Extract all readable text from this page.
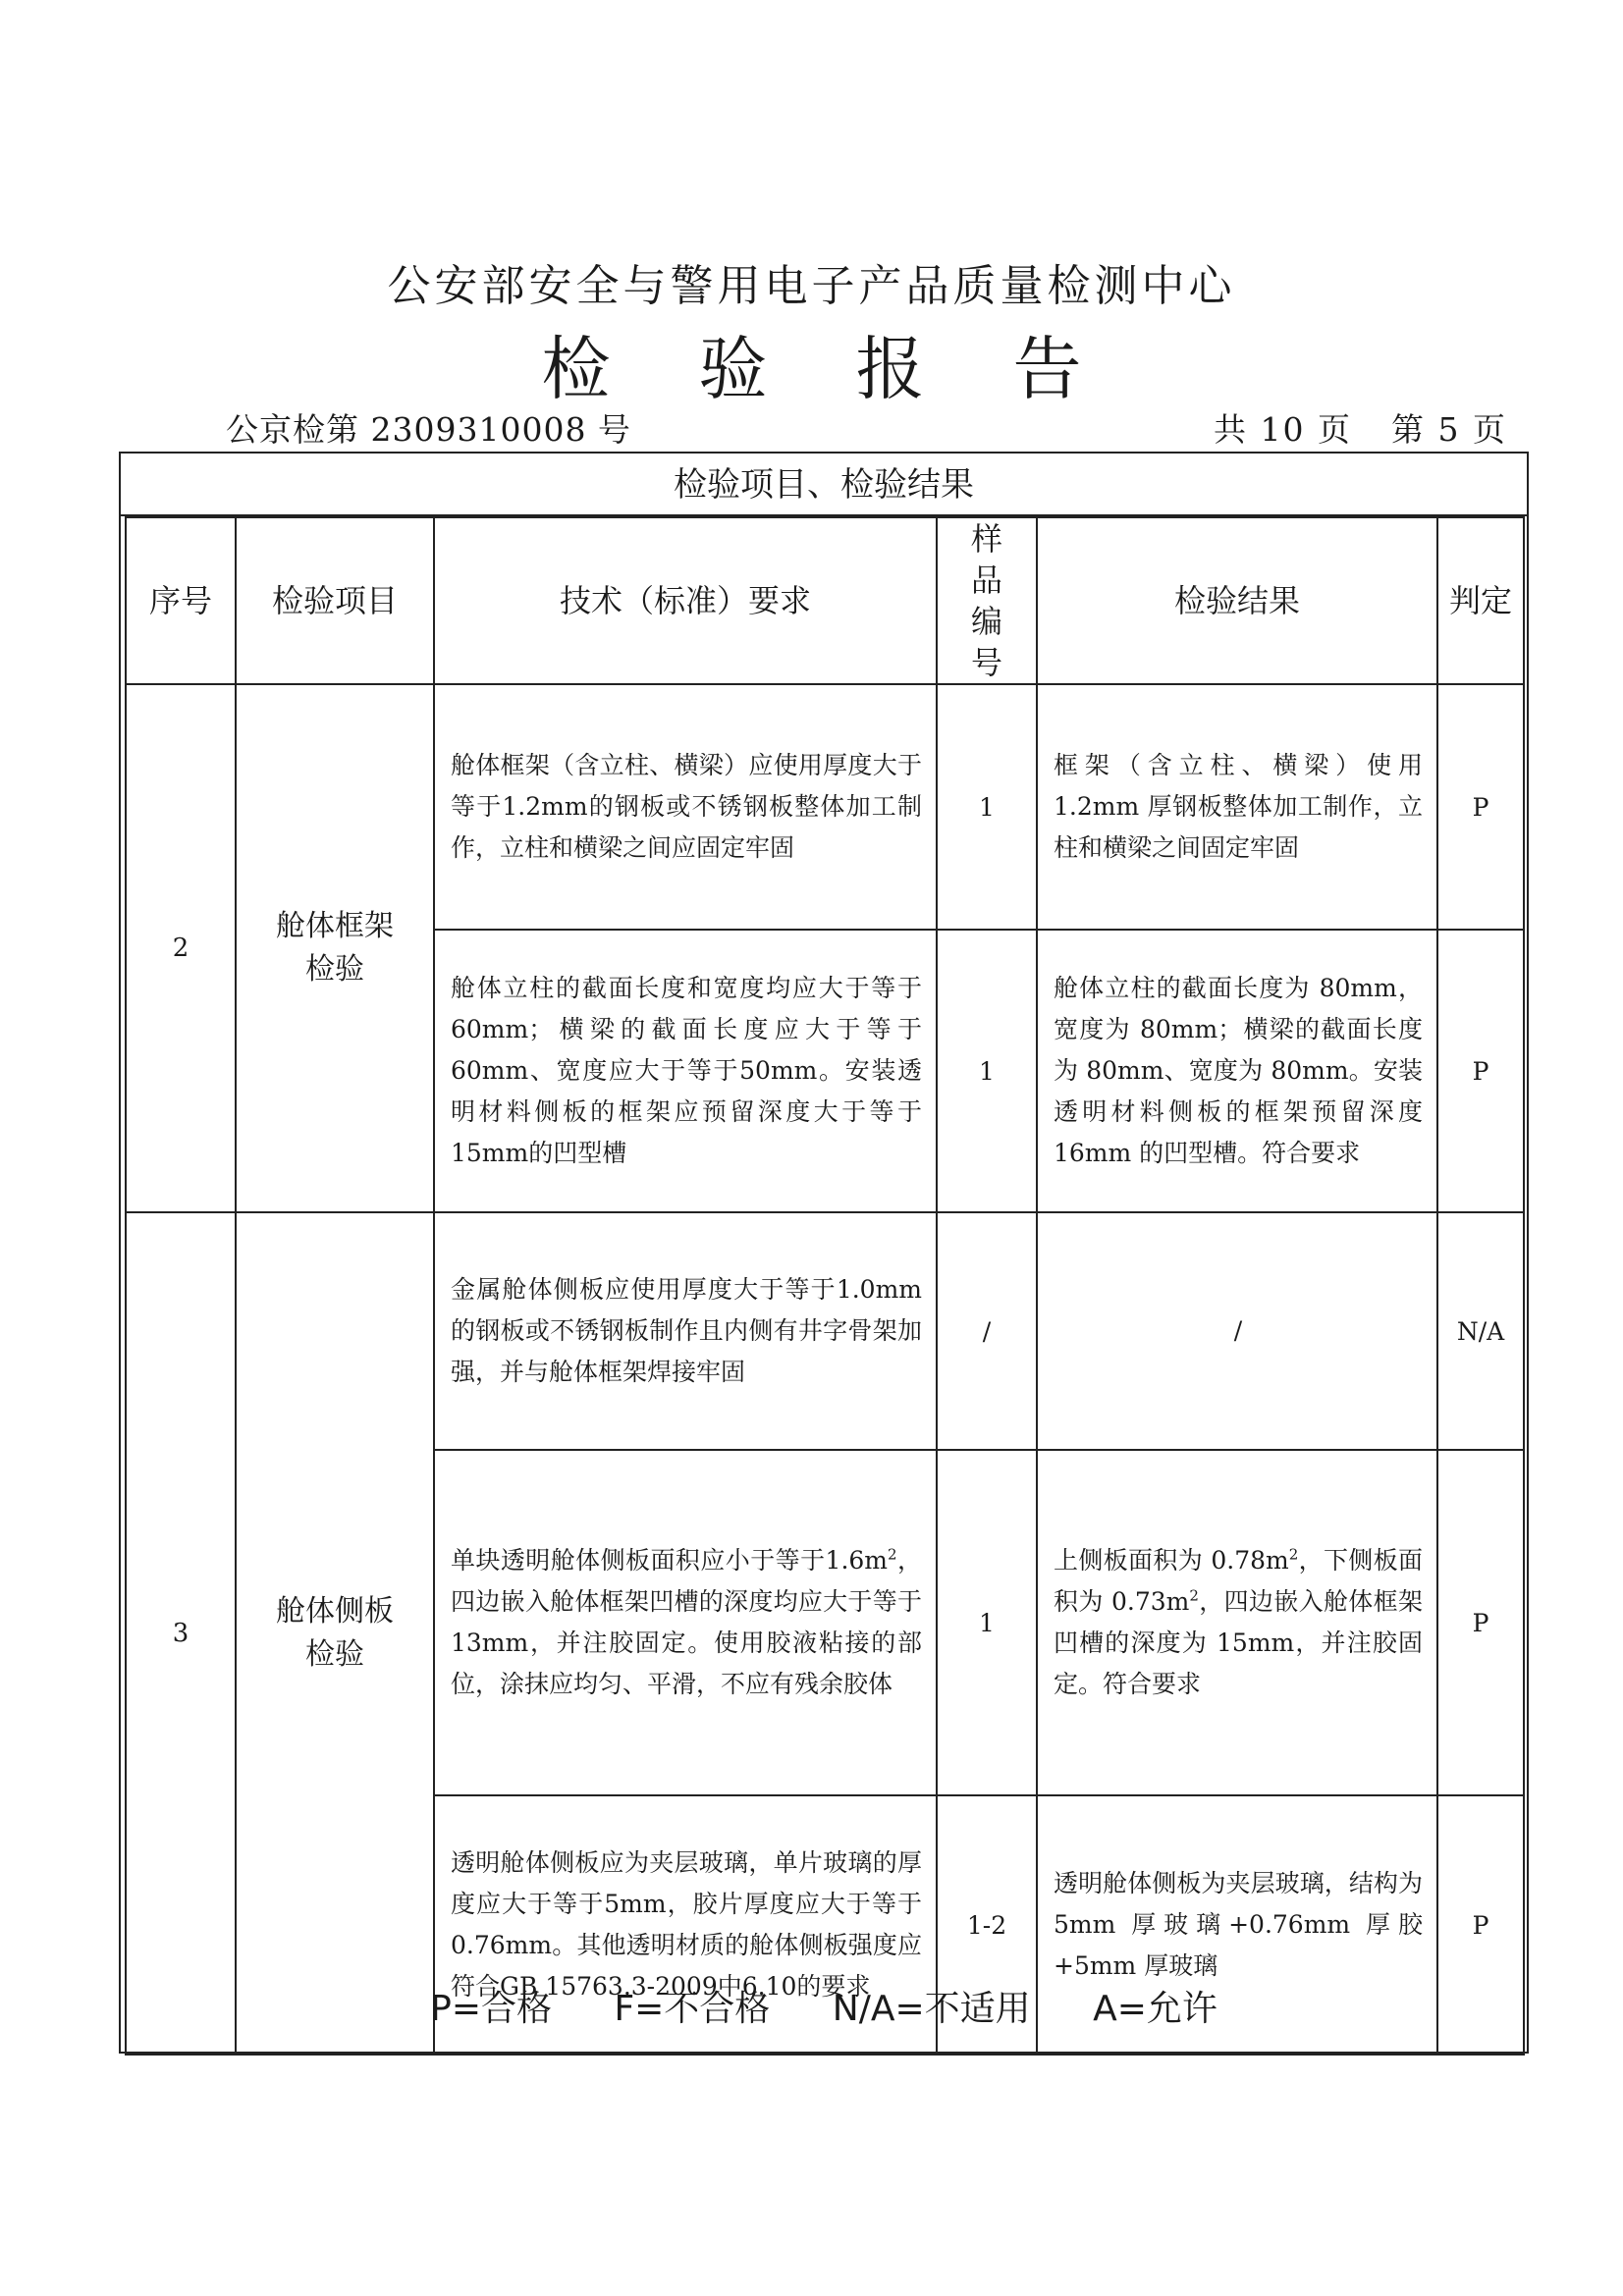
公安部安全与警用电子产品质量检测中心
检验报告
公京检第 2309310008 号	共 10 页 第 5 页
检验项目、检验结果
序号	检验项目	技术（标准）要求	样品编号	检验结果	判定
2	舱体框架检验	舱体框架（含立柱、横梁）应使用厚度大于等于1.2mm的钢板或不锈钢板整体加工制作，立柱和横梁之间应固定牢固	1	框架（含立柱、横梁）使用1.2mm 厚钢板整体加工制作，立柱和横梁之间固定牢固	P
		舱体立柱的截面长度和宽度均应大于等于60mm；横梁的截面长度应大于等于60mm、宽度应大于等于50mm。安装透明材料侧板的框架应预留深度大于等于15mm的凹型槽	1	舱体立柱的截面长度为 80mm，宽度为 80mm；横梁的截面长度为 80mm、宽度为 80mm。安装透明材料侧板的框架预留深度 16mm 的凹型槽。符合要求	P
3	舱体侧板检验	金属舱体侧板应使用厚度大于等于1.0mm的钢板或不锈钢板制作且内侧有井字骨架加强，并与舱体框架焊接牢固	/	/	N/A
		单块透明舱体侧板面积应小于等于$1.6m^2$，四边嵌入舱体框架凹槽的深度均应大于等于13mm，并注胶固定。使用胶液粘接的部位，涂抹应均匀、平滑，不应有残余胶体	1	上侧板面积为 $0.78m^2$，下侧板面积为 $0.73m^2$，四边嵌入舱体框架凹槽的深度为 15mm，并注胶固定。符合要求	P
		透明舱体侧板应为夹层玻璃，单片玻璃的厚度应大于等于5mm，胶片厚度应大于等于0.76mm。其他透明材质的舱体侧板强度应符合GB 15763.3-2009中6.10的要求	1-2	透明舱体侧板为夹层玻璃，结构为 5mm 厚玻璃+0.76mm 厚胶+5mm 厚玻璃	P
P=合格 F=不合格 N/A=不适用 A=允许
